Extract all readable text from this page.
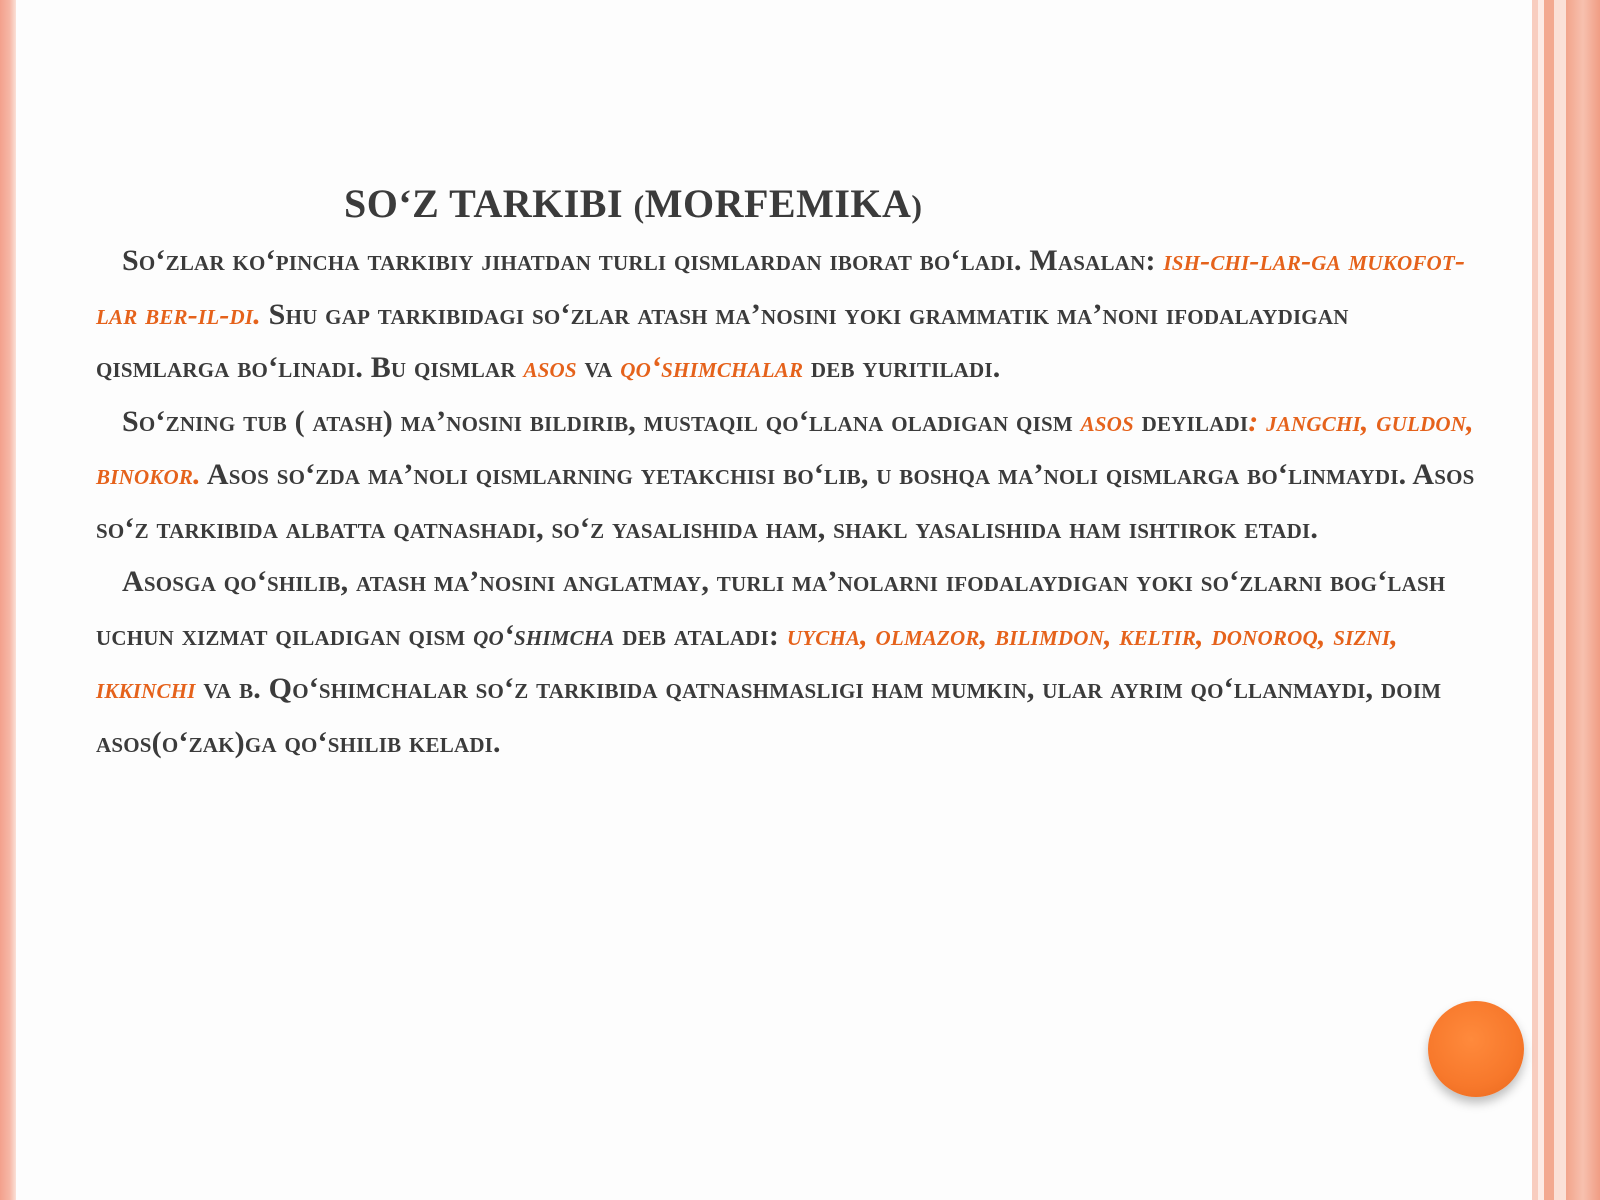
SO‘Z TARKIBI (MORFEMIKA)

So‘zlar ko‘pincha tarkibiy jihatdan turli qismlardan iborat bo‘ladi. Masalan: ish-chi-lar-ga mukofot-lar ber-il-di. Shu gap tarkibidagi so‘zlar atash ma’nosini yoki grammatik ma’noni ifodalaydigan qismlarga bo‘linadi. Bu qismlar asos va qo‘shimchalar deb yuritiladi.

So‘zning tub ( atash) ma’nosini bildirib, mustaqil qo‘llana oladigan qism asos deyiladi: jangchi, guldon, binokor. Asos so‘zda ma’noli qismlarning yetakchisi bo‘lib, u boshqa ma’noli qismlarga bo‘linmaydi. Asos so‘z tarkibida albatta qatnashadi, so‘z yasalishida ham, shakl yasalishida ham ishtirok etadi.

Asosga qo‘shilib, atash ma’nosini anglatmay, turli ma’nolarni ifodalaydigan yoki so‘zlarni bog‘lash uchun xizmat qiladigan qism qo‘shimcha deb ataladi: uycha, olmazor, bilimdon, keltir, donoroq, sizni, ikkinchi va b. Qo‘shimchalar so‘z tarkibida qatnashmasligi ham mumkin, ular ayrim qo‘llanmaydi, doim asos(o‘zak)ga qo‘shilib keladi.
